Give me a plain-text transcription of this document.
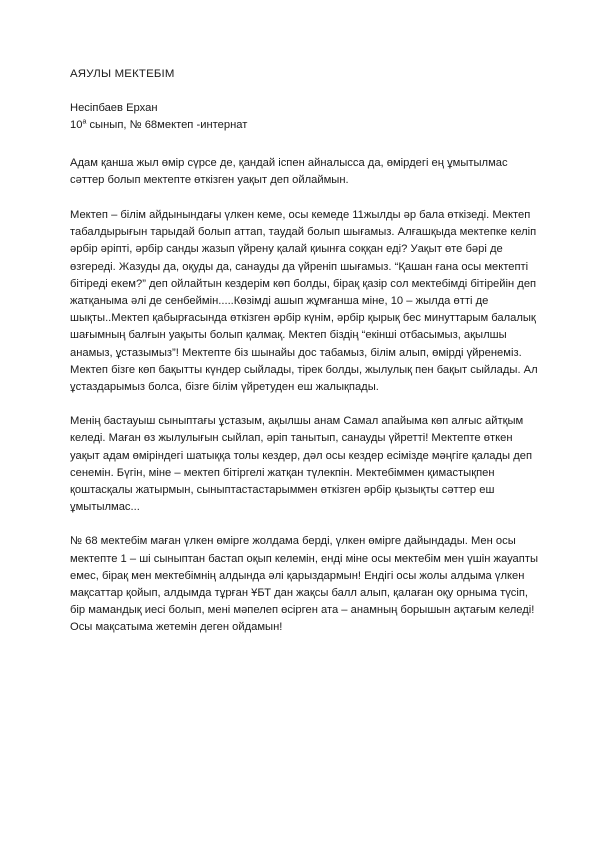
АЯУЛЫ МЕКТЕБІМ

Несіпбаев Ерхан

$10^а$ сынып, № 68мектеп -интернат

Адам қанша жыл өмір сүрсе де, қандай іспен айналысса да, өмірдегі ең ұмытылмас сәттер болып мектепте өткізген уақыт деп ойлаймын.

Мектеп – білім айдынындағы үлкен кеме, осы кемеде 11жылды әр бала өткізеді. Мектеп табалдырығын тарыдай болып аттап, таудай болып шығамыз. Алғашқыда мектепке келіп әрбір әріпті, әрбір санды жазып үйрену қалай қиынға соққан еді? Уақыт өте бәрі де өзгереді. Жазуды да, оқуды да, санауды да үйреніп шығамыз. “Қашан ғана осы мектепті бітіреді екем?” деп ойлайтын кездерім көп болды, бірақ қазір сол мектебімді бітірейін деп жатқаныма әлі де сенбеймін.....Көзімді ашып жұмғанша міне, 10 – жылда өтті де шықты..Мектеп қабырғасында өткізген әрбір күнім, әрбір қырық бес минуттарым балалық шағымның балғын уақыты болып қалмақ. Мектеп біздің “екінші отбасымыз, ақылшы анамыз, ұстазымыз”! Мектепте біз шынайы дос табамыз, білім алып, өмірді үйренеміз. Мектеп бізге көп бақытты күндер сыйлады, тірек болды, жылулық пен бақыт сыйлады. Ал ұстаздарымыз болса, бізге білім үйретуден еш жалықпады.

Менің бастауыш сыныптағы ұстазым, ақылшы анам Самал апайыма көп алғыс айтқым келеді. Маған өз жылулығын сыйлап, әріп танытып, санауды үйретті! Мектепте өткен уақыт адам өміріндегі шатыққа толы кездер, дәл осы кездер есімізде мәңгіге қалады деп сенемін. Бүгін, міне – мектеп бітіргелі жатқан түлекпін. Мектебіммен қимастықпен қоштасқалы жатырмын, сыныптастастарыммен өткізген әрбір қызықты сәттер еш ұмытылмас...

№ 68 мектебім маған үлкен өмірге жолдама берді, үлкен өмірге дайындады. Мен осы мектепте 1 – ші сыныптан бастап оқып келемін, енді міне осы мектебім мен үшін жауапты емес, бірақ мен мектебімнің алдында әлі қарыздармын! Ендігі осы жолы алдыма үлкен мақсаттар қойып, алдымда тұрған ҰБТ дан жақсы балл алып, қалаған оқу орныма түсіп, бір мамандық иесі болып, мені мәпелеп өсірген ата – анамның борышын ақтағым келеді! Осы мақсатыма жетемін деген ойдамын!
